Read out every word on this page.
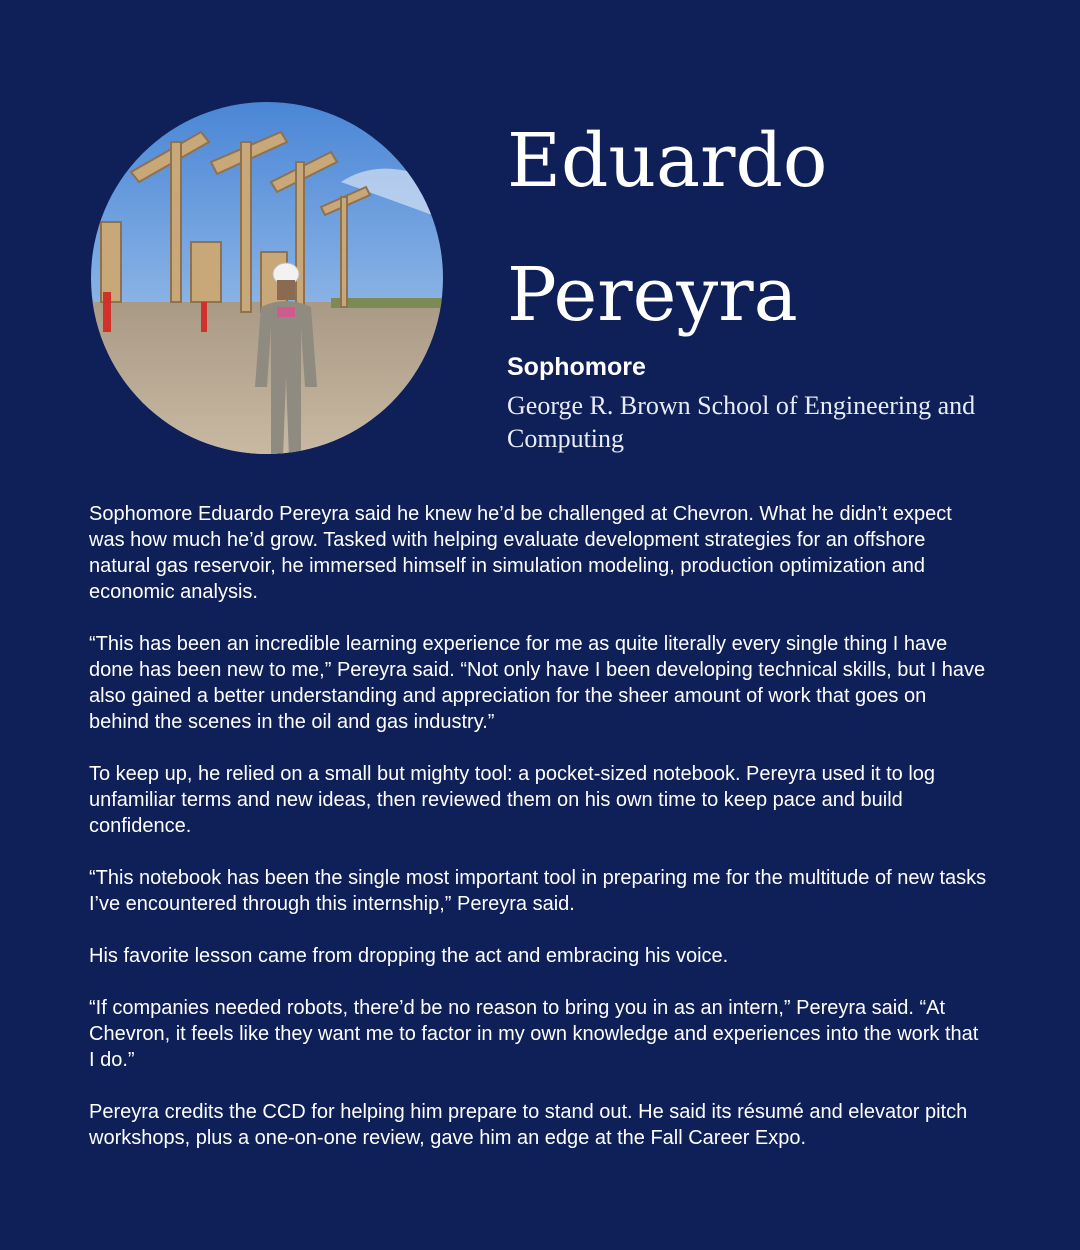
Eduardo
Pereyra
Sophomore
George R. Brown School of Engineering and Computing

Sophomore Eduardo Pereyra said he knew he’d be challenged at Chevron. What he didn’t expect was how much he’d grow. Tasked with helping evaluate development strategies for an offshore natural gas reservoir, he immersed himself in simulation modeling, production optimization and economic analysis.

“This has been an incredible learning experience for me as quite literally every single thing I have done has been new to me,” Pereyra said. “Not only have I been developing technical skills, but I have also gained a better understanding and appreciation for the sheer amount of work that goes on behind the scenes in the oil and gas industry.”

To keep up, he relied on a small but mighty tool: a pocket-sized notebook. Pereyra used it to log unfamiliar terms and new ideas, then reviewed them on his own time to keep pace and build confidence.

“This notebook has been the single most important tool in preparing me for the multitude of new tasks I’ve encountered through this internship,” Pereyra said.

His favorite lesson came from dropping the act and embracing his voice.

“If companies needed robots, there’d be no reason to bring you in as an intern,” Pereyra said. “At Chevron, it feels like they want me to factor in my own knowledge and experiences into the work that I do.”

Pereyra credits the CCD for helping him prepare to stand out. He said its résumé and elevator pitch workshops, plus a one-on-one review, gave him an edge at the Fall Career Expo.
